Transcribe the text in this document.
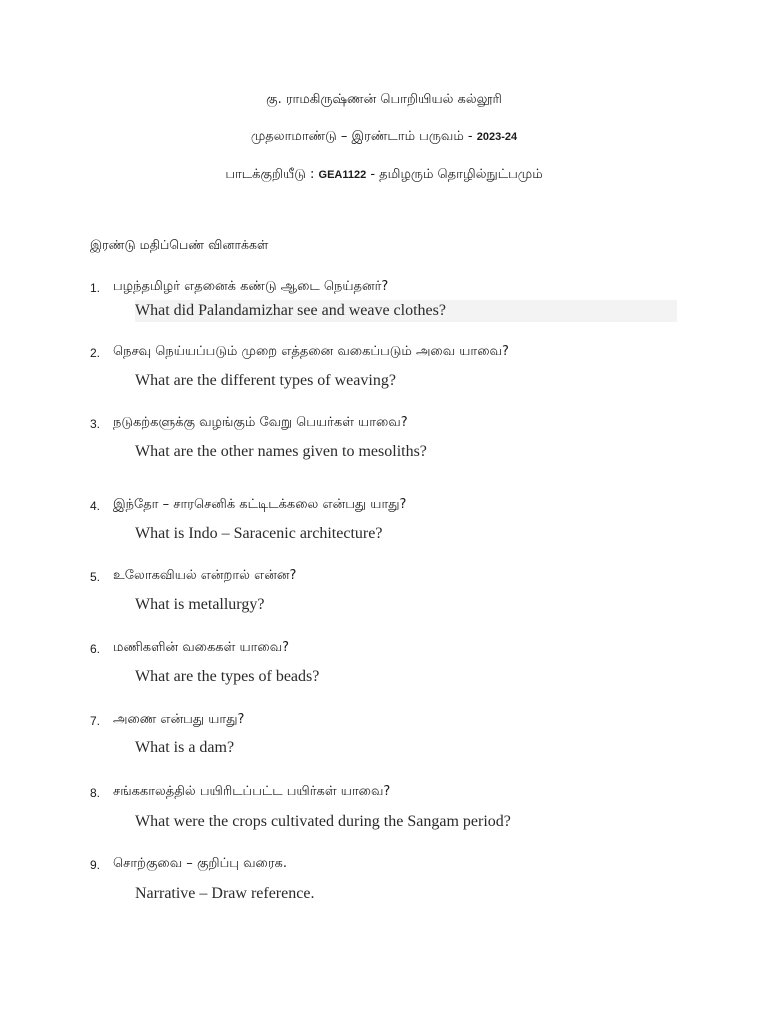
கு. ராமகிருஷ்ணன் பொறியியல் கல்லூரி
முதலாமாண்டு – இரண்டாம் பருவம் - 2023-24
பாடக்குறியீடு : GEA1122 - தமிழரும் தொழில்நுட்பமும்
இரண்டு மதிப்பெண் வினாக்கள்
1. பழந்தமிழர் எதனைக் கண்டு ஆடை நெய்தனர்?
What did Palandamizhar see and weave clothes?
2. நெசவு நெய்யப்படும் முறை எத்தனை வகைப்படும் அவை யாவை?
What are the different types of weaving?
3. நடுகற்களுக்கு வழங்கும் வேறு பெயர்கள் யாவை?
What are the other names given to mesoliths?
4. இந்தோ – சாரசெனிக் கட்டிடக்கலை என்பது யாது?
What is Indo – Saracenic architecture?
5. உலோகவியல் என்றால் என்ன?
What is metallurgy?
6. மணிகளின் வகைகள் யாவை?
What are the types of beads?
7. அணை என்பது யாது?
What is a dam?
8. சங்ககாலத்தில் பயிரிடப்பட்ட பயிர்கள் யாவை?
What were the crops cultivated during the Sangam period?
9. சொற்குவை – குறிப்பு வரைக.
Narrative – Draw reference.
